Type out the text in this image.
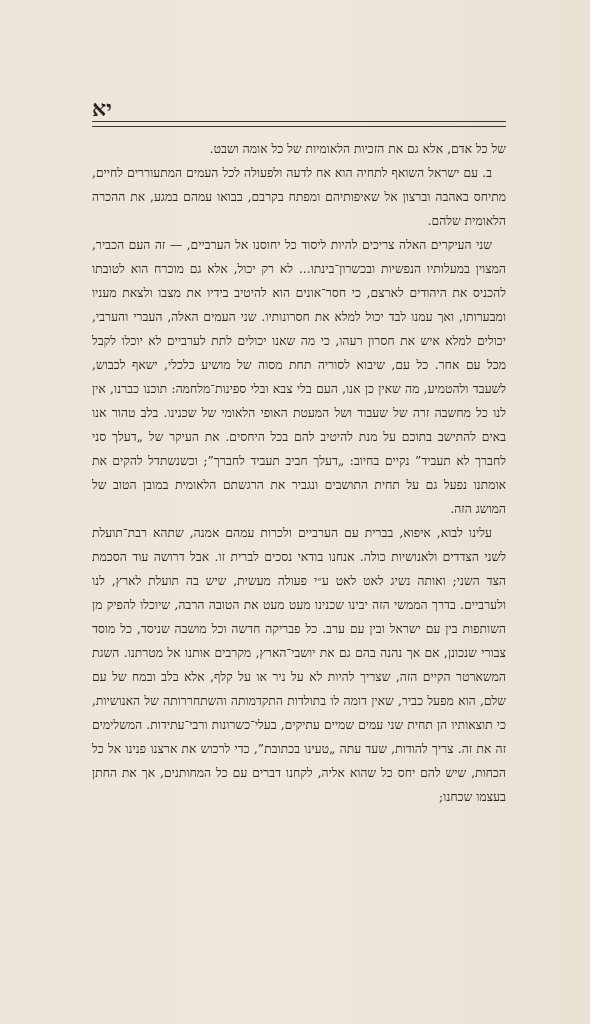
יא

של כל אדם, אלא גם את הזכיות הלאומיות של כל אומה ושבט.

ב. עם ישראל השואף לתחיה הוא אח לדעה ולפעולה לכל העמים המתעוררים לחיים, מתיחס באהבה וברצון אל שאיפותיהם ומפתח בקרבם, בבואו עמהם במגע, את ההכרה הלאומית שלהם.

שני העיקרים האלה צריכים להיות ליסוד כל יחוסנו אל הערביים, — זה העם הכביר, המצוין במעלותיו הנפשיות ובכשרון־בינתו... לא רק יכול, אלא גם מוכרח הוא לטובתו להכניס את היהודים לארצם, כי חסר־אונים הוא להיטיב בידיו את מצבו ולצאת מעניו ומבערותו, ואך עמנו לבד יכול למלא את חסרונותיו. שני העמים האלה, העברי והערבי, יכולים למלא איש את חסרון רעהו, כי מה שאנו יכולים לתת לערביים לא יוכלו לקבל מכל עם אחר. כל עם, שיבוא לסוריה תחת מסוה של מושיע כלכלי, ישאף לכבוש, לשעבד ולהטמיע, מה שאין כן אנו, העם בלי צבא ובלי ספינות־מלחמה: תוכנו כברנו, אין לנו כל מחשבה זרה של שעבוד ושל המעטת האופי הלאומי של שכנינו. בלב טהור אנו באים להתישב בתוכם על מנת להיטיב להם בכל היחסים. את העיקר של „דעלך סני לחברך לא תעביד” נקיים בחיוב: „דעלך חביב תעביד לחברך”; וכשנשתדל להקים את אומתנו נפעל גם על תחית התושבים ונגביר את הרגשתם הלאומית במובן הטוב של המושג הזה.

עלינו לבוא, איפוא, בברית עם הערביים ולכרות עמהם אמנה, שתהא רבת־תועלת לשני הצדדים ולאנושיות כולה. אנחנו בודאי נסכים לברית זו. אבל דרושה עוד הסכמת הצד השני; ואותה נשיג לאט לאט ע״י פעולה מעשית, שיש בה תועלת לארץ, לנו ולערביים. בדרך הממשי הזה יבינו שכנינו מעט מעט את הטובה הרבה, שיוכלו להפיק מן השותפות בין עם ישראל ובין עם ערב. כל פבריקה חדשה וכל מושבה שניסד, כל מוסד צבורי שנכונן, אם אך נהנה בהם גם את יושבי־הארץ, מקרבים אותנו אל מטרתנו. השגת המשארטר הקיים הזה, שצריך להיות לא על ניר או על קלף, אלא בלב ובמח של עם שלם, הוא מפעל כביר, שאין דומה לו בתולדות התקדמותה והשתחררותה של האנושיות, כי תוצאותיו הן תחית שני עמים שמיים עתיקים, בעלי־כשרונות ורבי־עתידות. המשלימים זה את זה. צריך להודות, שעד עתה „טעינו בכתובת”, כדי לרכוש את ארצנו פנינו אל כל הכחות, שיש להם יחס כל שהוא אליה, לקחנו דברים עם כל המחותנים, אך את החתן בעצמו שכחנו;
